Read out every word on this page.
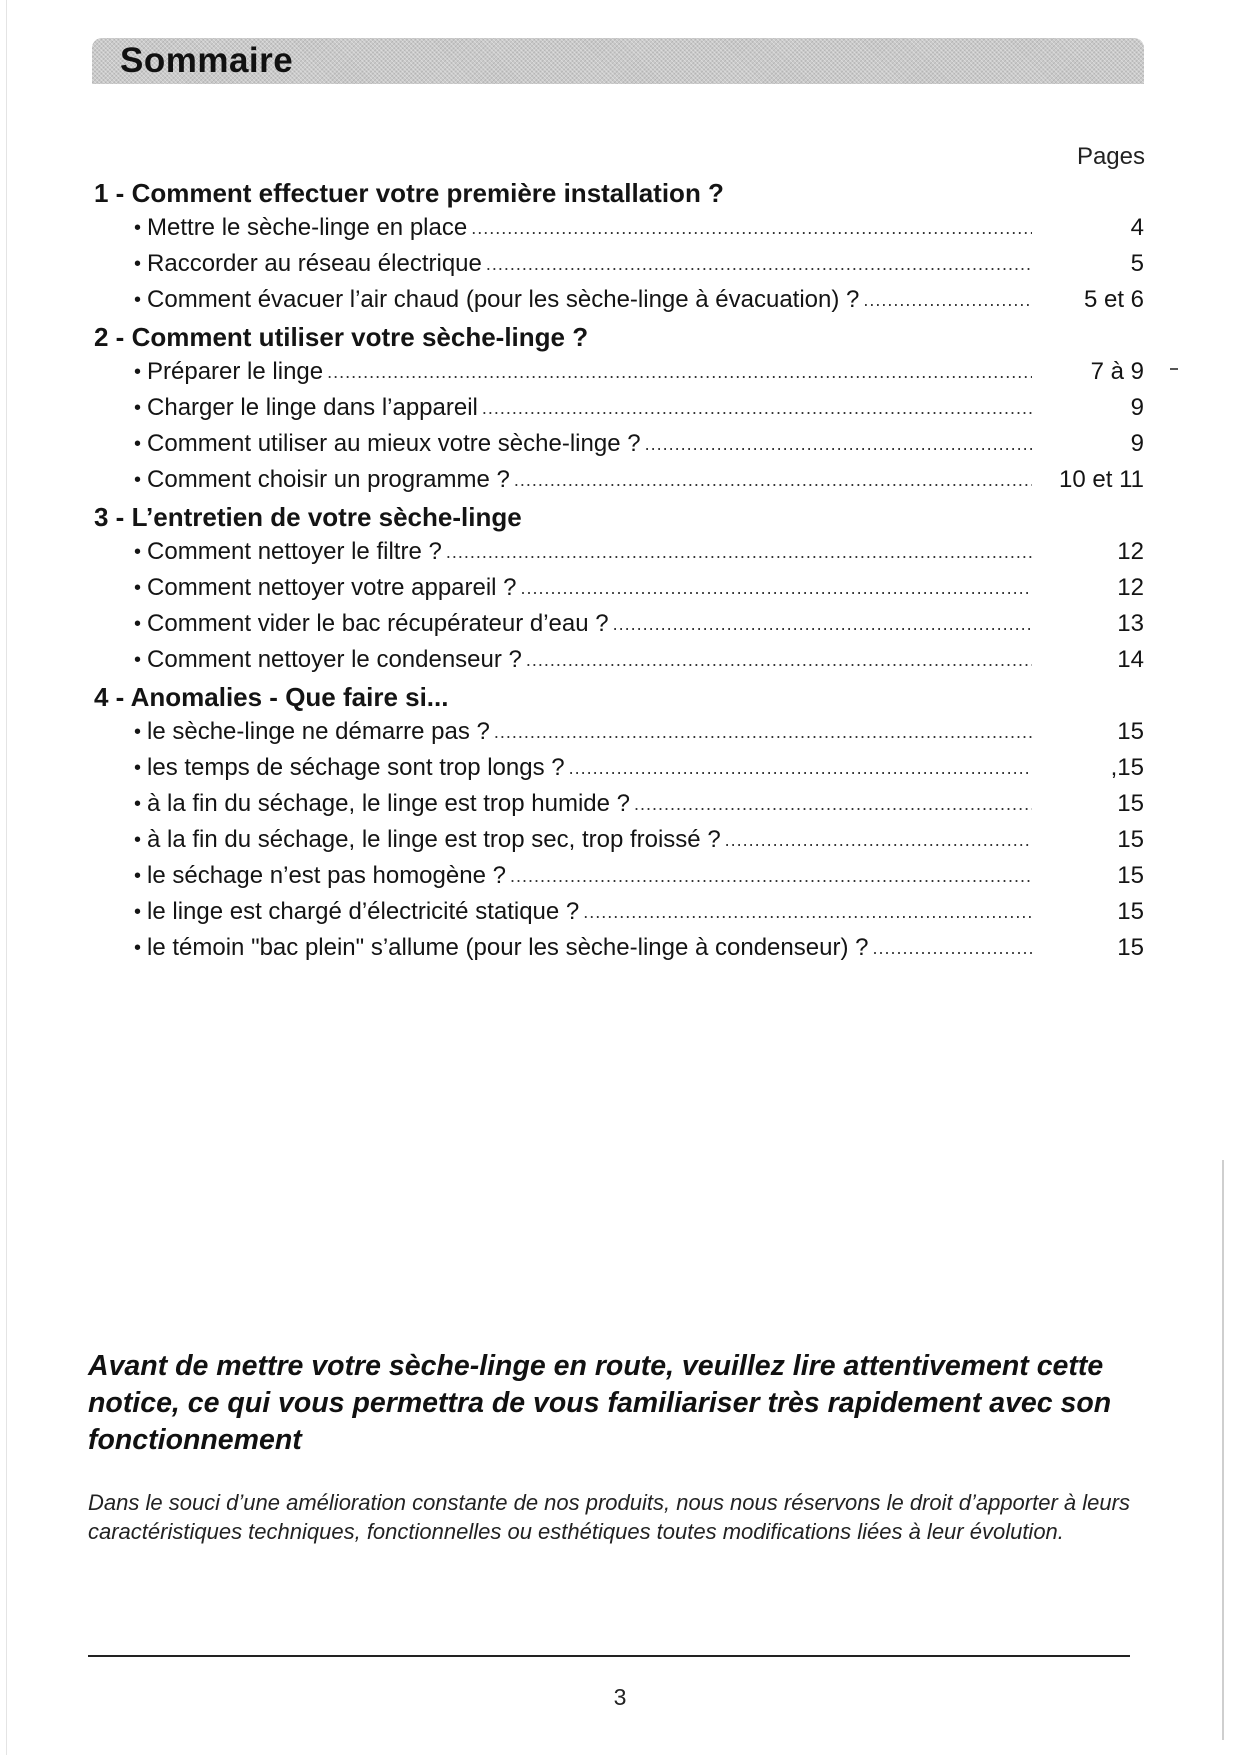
Sommaire
Pages
1 - Comment effectuer votre première installation ?
• Mettre le sèche-linge en place .....	4
• Raccorder au réseau électrique .....	5
• Comment évacuer l’air chaud (pour les sèche-linge à évacuation) ? .....	5 et 6
2 - Comment utiliser votre sèche-linge ?
• Préparer le linge .....	7 à 9
• Charger le linge dans l’appareil .....	9
• Comment utiliser au mieux votre sèche-linge ? .....	9
• Comment choisir un programme ? .....	10 et 11
3 - L’entretien de votre sèche-linge
• Comment nettoyer le filtre ? .....	12
• Comment nettoyer votre appareil ? .....	12
• Comment vider le bac récupérateur d’eau ? .....	13
• Comment nettoyer le condenseur ? .....	14
4 - Anomalies - Que faire si...
• le sèche-linge ne démarre pas ? .....	15
• les temps de séchage sont trop longs ? .....	,15
• à la fin du séchage, le linge est trop humide ? .....	15
• à la fin du séchage, le linge est trop sec, trop froissé ? .....	15
• le séchage n’est pas homogène ? .....	15
• le linge est chargé d’électricité statique ? .....	15
• le témoin "bac plein" s’allume (pour les sèche-linge à condenseur) ? .....	15
Avant de mettre votre sèche-linge en route, veuillez lire attentivement cette notice, ce qui vous permettra de vous familiariser très rapidement avec son fonctionnement
Dans le souci d’une amélioration constante de nos produits, nous nous réservons le droit d’apporter à leurs caractéristiques techniques, fonctionnelles ou esthétiques toutes modifications liées à leur évolution.
3
